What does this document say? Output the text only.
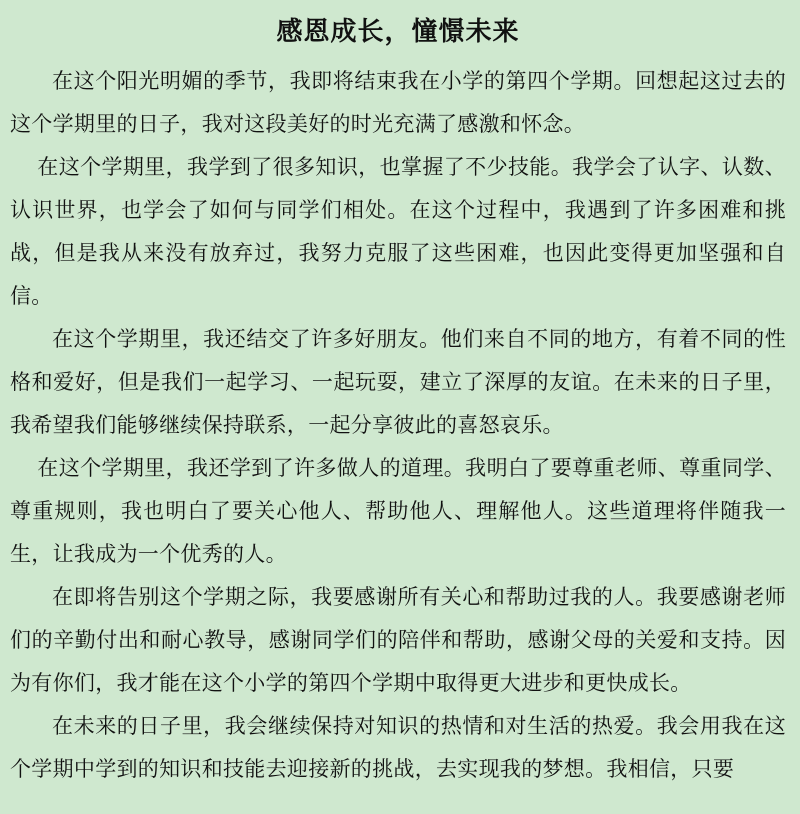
感恩成长，憧憬未来

在这个阳光明媚的季节，我即将结束我在小学的第四个学期。回想起这过去的这个学期里的日子，我对这段美好的时光充满了感激和怀念。

在这个学期里，我学到了很多知识，也掌握了不少技能。我学会了认字、认数、认识世界，也学会了如何与同学们相处。在这个过程中，我遇到了许多困难和挑战，但是我从来没有放弃过，我努力克服了这些困难，也因此变得更加坚强和自信。

在这个学期里，我还结交了许多好朋友。他们来自不同的地方，有着不同的性格和爱好，但是我们一起学习、一起玩耍，建立了深厚的友谊。在未来的日子里，我希望我们能够继续保持联系，一起分享彼此的喜怒哀乐。

在这个学期里，我还学到了许多做人的道理。我明白了要尊重老师、尊重同学、尊重规则，我也明白了要关心他人、帮助他人、理解他人。这些道理将伴随我一生，让我成为一个优秀的人。

在即将告别这个学期之际，我要感谢所有关心和帮助过我的人。我要感谢老师们的辛勤付出和耐心教导，感谢同学们的陪伴和帮助，感谢父母的关爱和支持。因为有你们，我才能在这个小学的第四个学期中取得更大进步和更快成长。

在未来的日子里，我会继续保持对知识的热情和对生活的热爱。我会用我在这个学期中学到的知识和技能去迎接新的挑战，去实现我的梦想。我相信，只要
